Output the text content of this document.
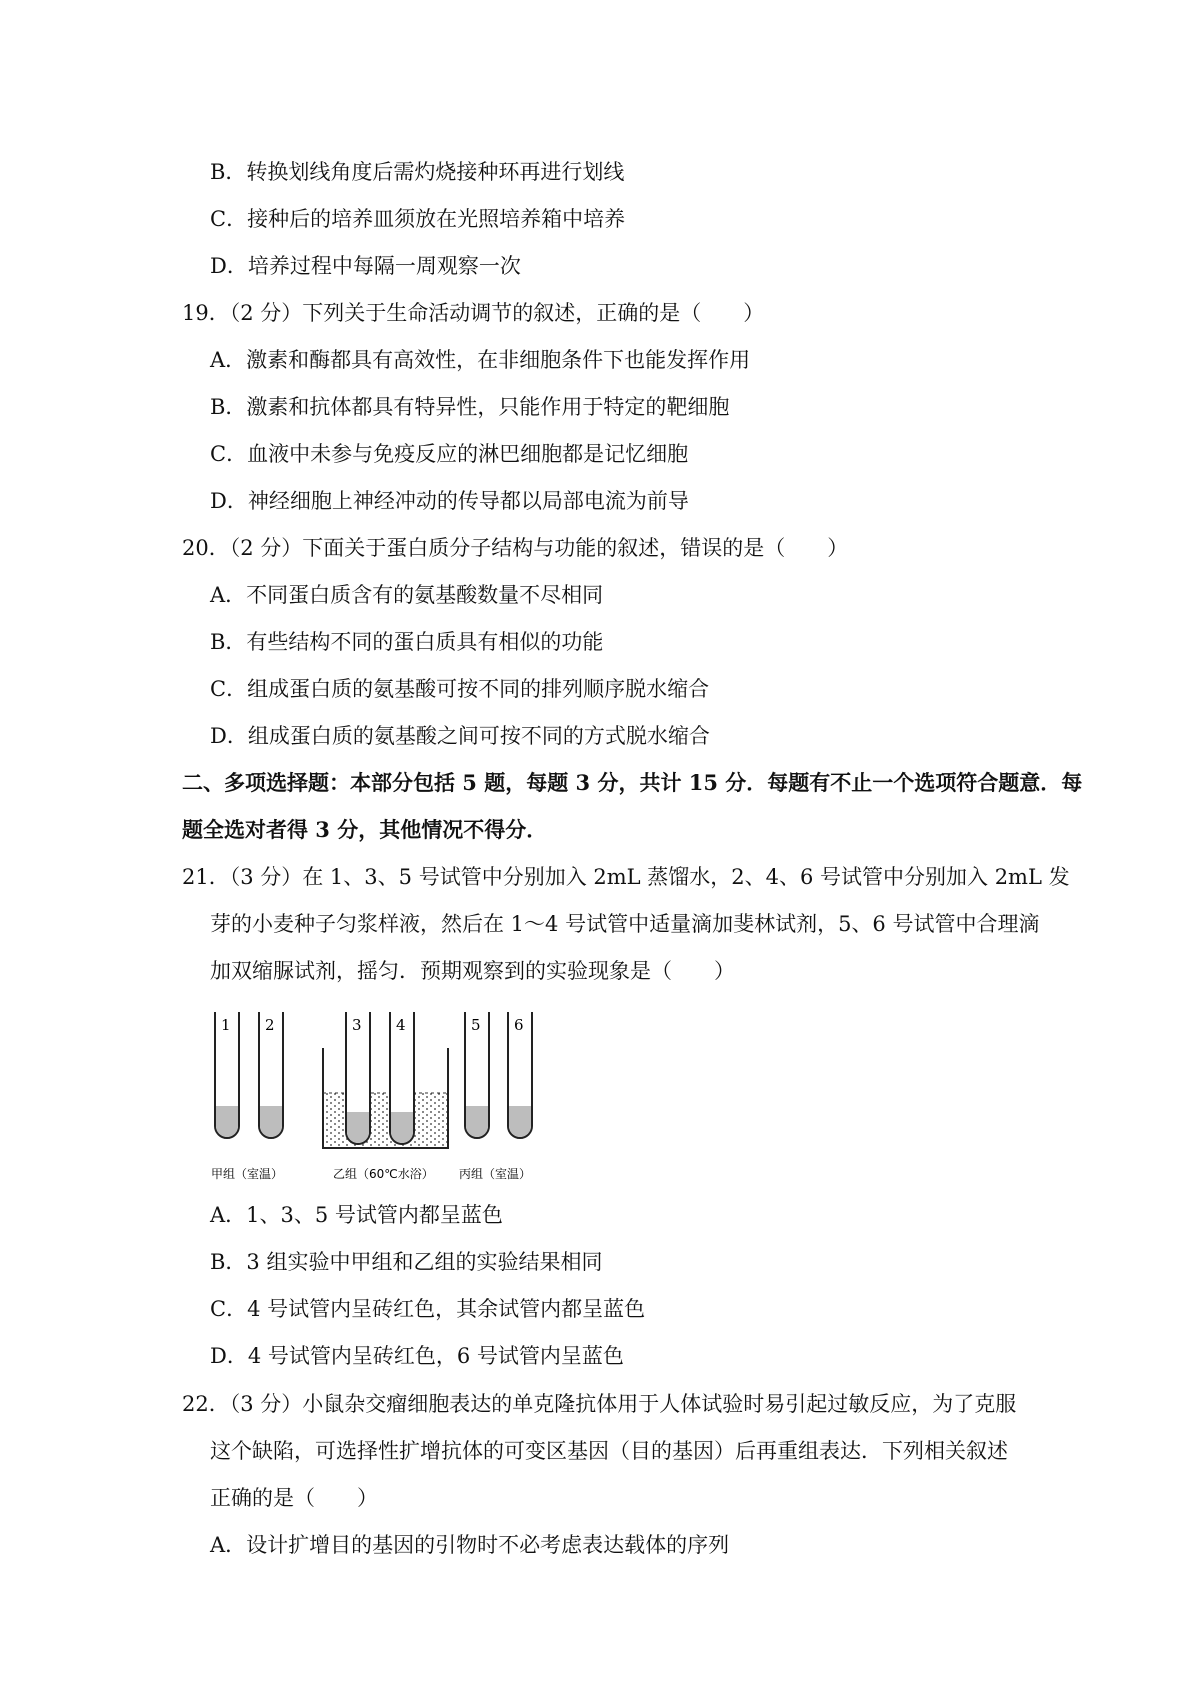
B．转换划线角度后需灼烧接种环再进行划线
C．接种后的培养皿须放在光照培养箱中培养
D．培养过程中每隔一周观察一次
19．（2 分）下列关于生命活动调节的叙述，正确的是（　　）
A．激素和酶都具有高效性，在非细胞条件下也能发挥作用
B．激素和抗体都具有特异性，只能作用于特定的靶细胞
C．血液中未参与免疫反应的淋巴细胞都是记忆细胞
D．神经细胞上神经冲动的传导都以局部电流为前导
20．（2 分）下面关于蛋白质分子结构与功能的叙述，错误的是（　　）
A．不同蛋白质含有的氨基酸数量不尽相同
B．有些结构不同的蛋白质具有相似的功能
C．组成蛋白质的氨基酸可按不同的排列顺序脱水缩合
D．组成蛋白质的氨基酸之间可按不同的方式脱水缩合
二、多项选择题：本部分包括 5 题，每题 3 分，共计 15 分．每题有不止一个选项符合题意．每
题全选对者得 3 分，其他情况不得分．
21．（3 分）在 1、3、5 号试管中分别加入 2mL 蒸馏水，2、4、6 号试管中分别加入 2mL 发
芽的小麦种子匀浆样液，然后在 1～4 号试管中适量滴加斐林试剂，5、6 号试管中合理滴
加双缩脲试剂，摇匀．预期观察到的实验现象是（　　）
1 2	3 4	5 6
甲组（室温）	乙组（60℃水浴） 丙组（室温）
A．1、3、5 号试管内都呈蓝色
B．3 组实验中甲组和乙组的实验结果相同
C．4 号试管内呈砖红色，其余试管内都呈蓝色
D．4 号试管内呈砖红色，6 号试管内呈蓝色
22．（3 分）小鼠杂交瘤细胞表达的单克隆抗体用于人体试验时易引起过敏反应，为了克服
这个缺陷，可选择性扩增抗体的可变区基因（目的基因）后再重组表达．下列相关叙述
正确的是（　　）
A．设计扩增目的基因的引物时不必考虑表达载体的序列
